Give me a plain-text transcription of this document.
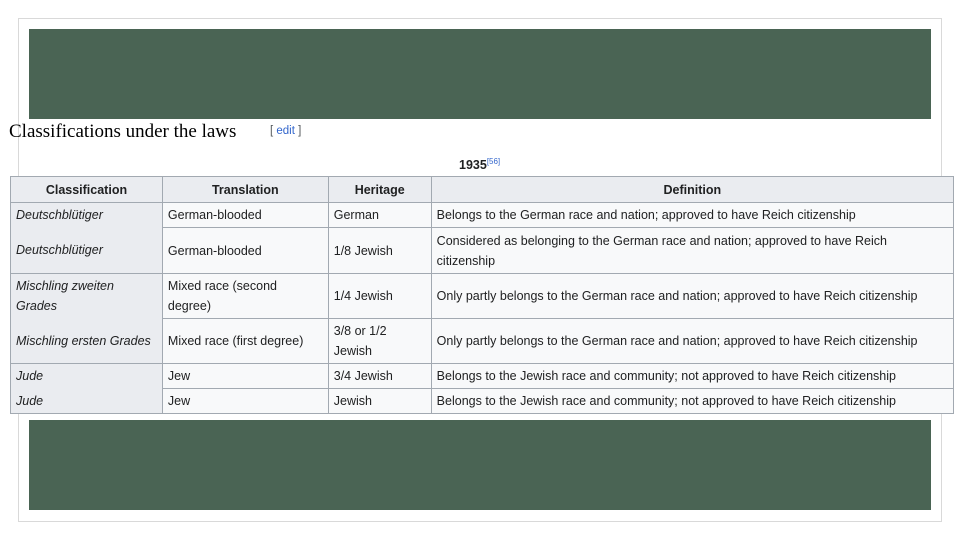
Classifications under the laws	[ edit ]
1935[56]
Classification	Translation	Heritage	Definition
Deutschblütiger	German-blooded	German	Belongs to the German race and nation; approved to have Reich citizenship
Deutschblütiger	German-blooded	1/8 Jewish	Considered as belonging to the German race and nation; approved to have Reich citizenship
Mischling zweiten Grades	Mixed race (second degree)	1/4 Jewish	Only partly belongs to the German race and nation; approved to have Reich citizenship
Mischling ersten Grades	Mixed race (first degree)	3/8 or 1/2 Jewish	Only partly belongs to the German race and nation; approved to have Reich citizenship
Jude	Jew	3/4 Jewish	Belongs to the Jewish race and community; not approved to have Reich citizenship
Jude	Jew	Jewish	Belongs to the Jewish race and community; not approved to have Reich citizenship
